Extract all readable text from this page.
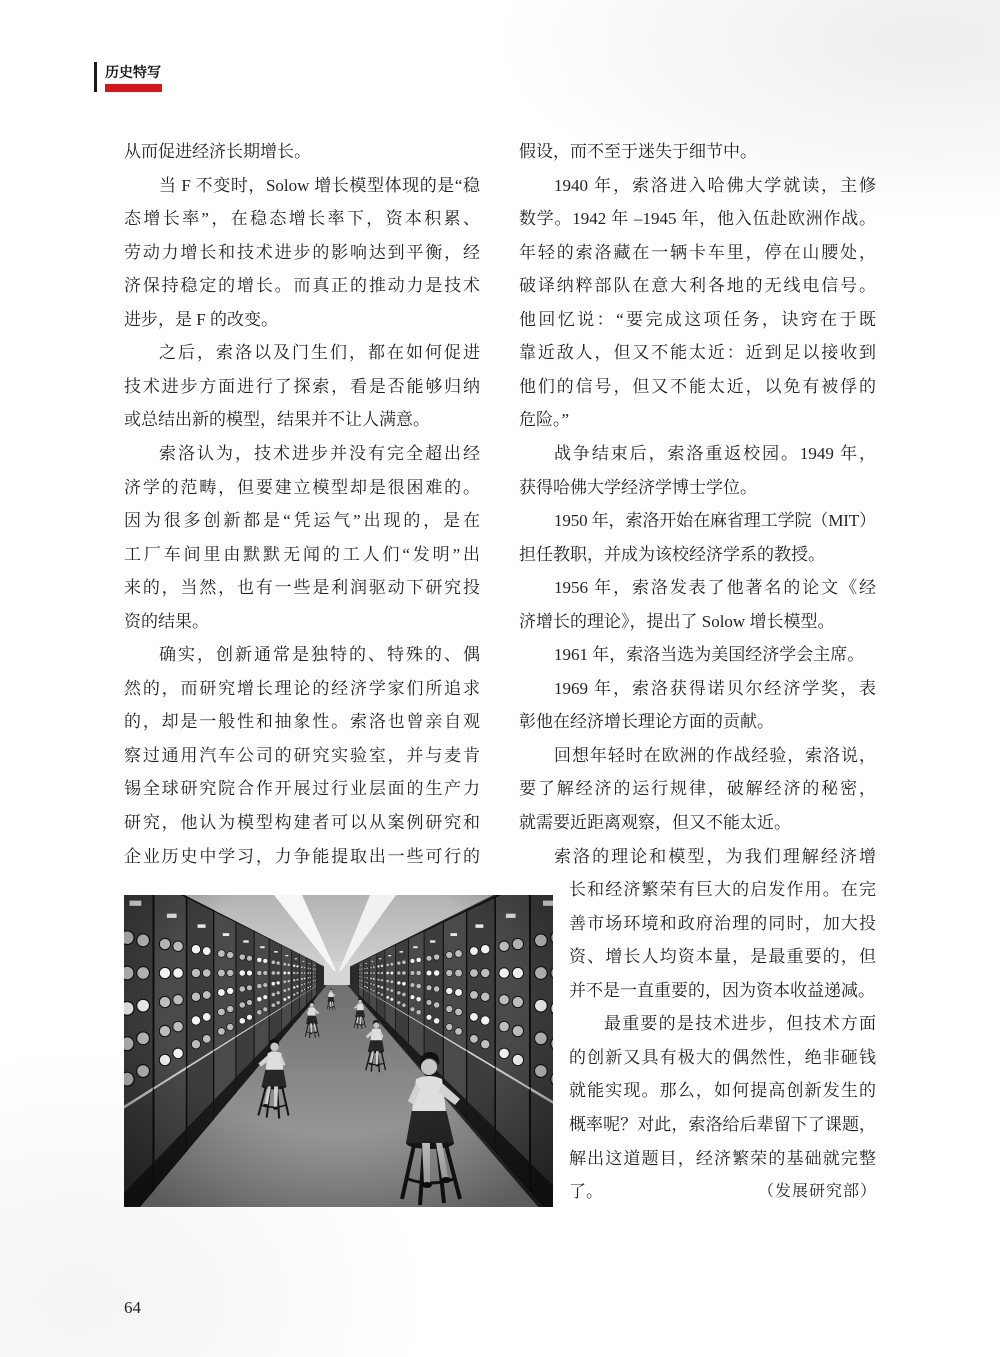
历史特写
从而促进经济长期增长。
当 F 不变时，Solow 增长模型体现的是“稳
态增长率”，在稳态增长率下，资本积累、
劳动力增长和技术进步的影响达到平衡，经
济保持稳定的增长。而真正的推动力是技术
进步，是 F 的改变。
之后，索洛以及门生们，都在如何促进
技术进步方面进行了探索，看是否能够归纳
或总结出新的模型，结果并不让人满意。
索洛认为，技术进步并没有完全超出经
济学的范畴，但要建立模型却是很困难的。
因为很多创新都是“凭运气”出现的，是在
工厂车间里由默默无闻的工人们“发明”出
来的，当然，也有一些是利润驱动下研究投
资的结果。
确实，创新通常是独特的、特殊的、偶
然的，而研究增长理论的经济学家们所追求
的，却是一般性和抽象性。索洛也曾亲自观
察过通用汽车公司的研究实验室，并与麦肯
锡全球研究院合作开展过行业层面的生产力
研究，他认为模型构建者可以从案例研究和
企业历史中学习，力争能提取出一些可行的
假设，而不至于迷失于细节中。
1940 年，索洛进入哈佛大学就读，主修
数学。1942 年 –1945 年，他入伍赴欧洲作战。
年轻的索洛藏在一辆卡车里，停在山腰处，
破译纳粹部队在意大利各地的无线电信号。
他回忆说：“要完成这项任务，诀窍在于既
靠近敌人，但又不能太近：近到足以接收到
他们的信号，但又不能太近，以免有被俘的
危险。”
战争结束后，索洛重返校园。1949 年，
获得哈佛大学经济学博士学位。
1950 年，索洛开始在麻省理工学院（MIT）
担任教职，并成为该校经济学系的教授。
1956 年，索洛发表了他著名的论文《经
济增长的理论》，提出了 Solow 增长模型。
1961 年，索洛当选为美国经济学会主席。
1969 年，索洛获得诺贝尔经济学奖，表
彰他在经济增长理论方面的贡献。
回想年轻时在欧洲的作战经验，索洛说，
要了解经济的运行规律，破解经济的秘密，
就需要近距离观察，但又不能太近。
索洛的理论和模型，为我们理解经济增
长和经济繁荣有巨大的启发作用。在完
善市场环境和政府治理的同时，加大投
资、增长人均资本量，是最重要的，但
并不是一直重要的，因为资本收益递减。
最重要的是技术进步，但技术方面
的创新又具有极大的偶然性，绝非砸钱
就能实现。那么，如何提高创新发生的
概率呢？对此，索洛给后辈留下了课题，
解出这道题目，经济繁荣的基础就完整
了。	（发展研究部）
64
